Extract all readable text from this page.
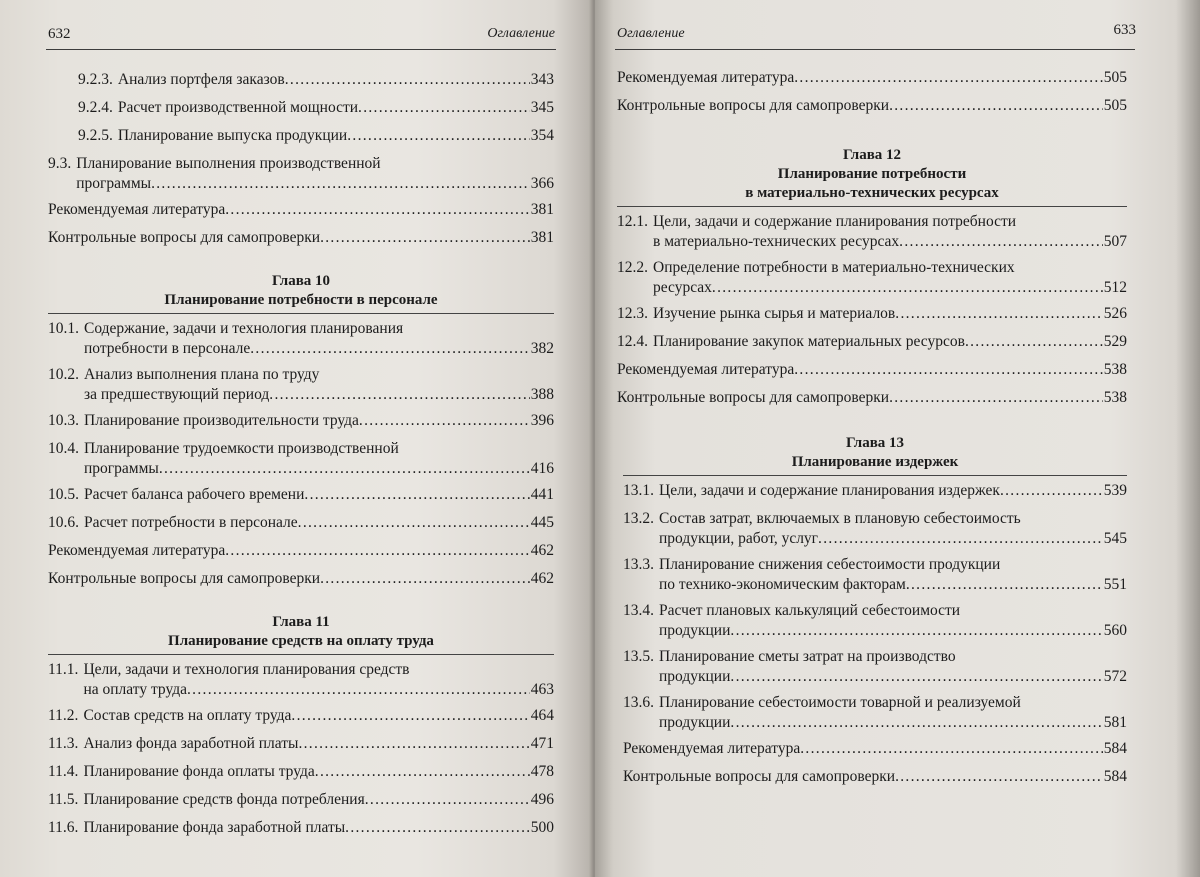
632	Оглавление
9.2.3. Анализ портфеля заказов .....	343
9.2.4. Расчет производственной мощности .....	345
9.2.5. Планирование выпуска продукции .....	354
9.3. Планирование выполнения производственной
программы .....	366
Рекомендуемая литература .....	381
Контрольные вопросы для самопроверки .....	381
Глава 10
Планирование потребности в персонале
10.1. Содержание, задачи и технология планирования
потребности в персонале .....	382
10.2. Анализ выполнения плана по труду
за предшествующий период .....	388
10.3. Планирование производительности труда .....	396
10.4. Планирование трудоемкости производственной
программы .....	416
10.5. Расчет баланса рабочего времени .....	441
10.6. Расчет потребности в персонале .....	445
Рекомендуемая литература .....	462
Контрольные вопросы для самопроверки .....	462
Глава 11
Планирование средств на оплату труда
11.1. Цели, задачи и технология планирования средств
на оплату труда .....	463
11.2. Состав средств на оплату труда .....	464
11.3. Анализ фонда заработной платы .....	471
11.4. Планирование фонда оплаты труда .....	478
11.5. Планирование средств фонда потребления .....	496
11.6. Планирование фонда заработной платы .....	500
Оглавление	633
Рекомендуемая литература .....	505
Контрольные вопросы для самопроверки .....	505
Глава 12
Планирование потребности
в материально-технических ресурсах
12.1. Цели, задачи и содержание планирования потребности
в материально-технических ресурсах .....	507
12.2. Определение потребности в материально-технических
ресурсах .....	512
12.3. Изучение рынка сырья и материалов .....	526
12.4. Планирование закупок материальных ресурсов .....	529
Рекомендуемая литература .....	538
Контрольные вопросы для самопроверки .....	538
Глава 13
Планирование издержек
13.1. Цели, задачи и содержание планирования издержек .....	539
13.2. Состав затрат, включаемых в плановую себестоимость
продукции, работ, услуг .....	545
13.3. Планирование снижения себестоимости продукции
по технико-экономическим факторам .....	551
13.4. Расчет плановых калькуляций себестоимости
продукции .....	560
13.5. Планирование сметы затрат на производство
продукции .....	572
13.6. Планирование себестоимости товарной и реализуемой
продукции .....	581
Рекомендуемая литература .....	584
Контрольные вопросы для самопроверки .....	584
